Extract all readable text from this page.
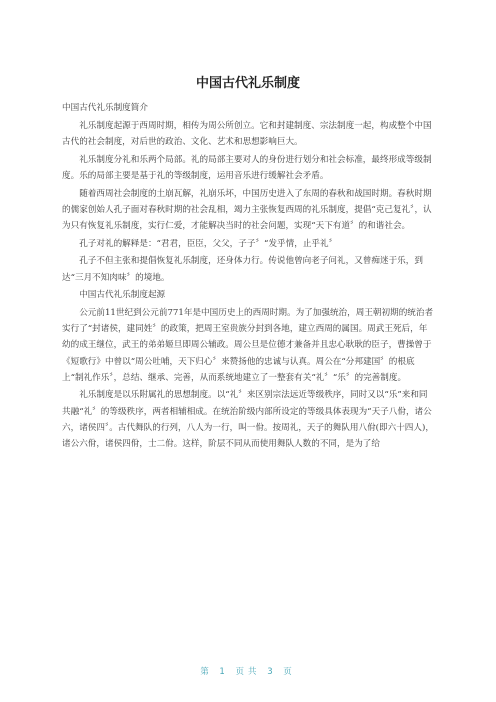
中国古代礼乐制度

中国古代礼乐制度简介

礼乐制度起源于西周时期，相传为周公所创立。它和封建制度、宗法制度一起，构成整个中国古代的社会制度，对后世的政治、文化、艺术和思想影响巨大。

礼乐制度分礼和乐两个局部。礼的局部主要对人的身份进行划分和社会标准，最终形成等级制度。乐的局部主要是基于礼的等级制度，运用音乐进行缓解社会矛盾。

随着西周社会制度的土崩瓦解，礼崩乐坏，中国历史进入了东周的春秋和战国时期。春秋时期的儒家创始人孔子面对春秋时期的社会乱相，竭力主张恢复西周的礼乐制度，提倡“克己复礼〞，认为只有恢复礼乐制度，实行仁爱，才能解决当时的社会问题，实现“天下有道〞的和谐社会。

孔子对礼的解释是：“君君，臣臣，父父，子子〞“发乎情，止乎礼〞

孔子不但主张和提倡恢复礼乐制度，还身体力行。传说他曾向老子问礼，又曾痴迷于乐，到达“三月不知肉味〞的境地。

中国古代礼乐制度起源

公元前11世纪到公元前771年是中国历史上的西周时期。为了加强统治，周王朝初期的统治者实行了“封诸侯，建同姓〞的政策，把周王室贵族分封到各地，建立西周的属国。周武王死后，年幼的成王继位，武王的弟弟姬旦即周公辅政。周公旦是位德才兼备并且忠心耿耿的臣子，曹操曾于《短歌行》中曾以“周公吐哺，天下归心〞来赞扬他的忠诚与认真。周公在“分邦建国〞的根底上“制礼作乐〞，总结、继承、完善，从而系统地建立了一整套有关“礼〞“乐〞的完善制度。

礼乐制度是以乐附属礼的思想制度。以“礼〞来区别宗法远近等级秩序，同时又以“乐”来和同共融“礼〞的等级秩序，两者相辅相成。在统治阶级内部所设定的等级具体表现为“天子八佾，诸公六，诸侯四〞。古代舞队的行列，八人为一行，叫一佾。按周礼，天子的舞队用八佾(即六十四人)，诸公六佾，诸侯四佾，士二佾。这样，阶层不同从而使用舞队人数的不同，是为了给

第 1 页共 3 页
